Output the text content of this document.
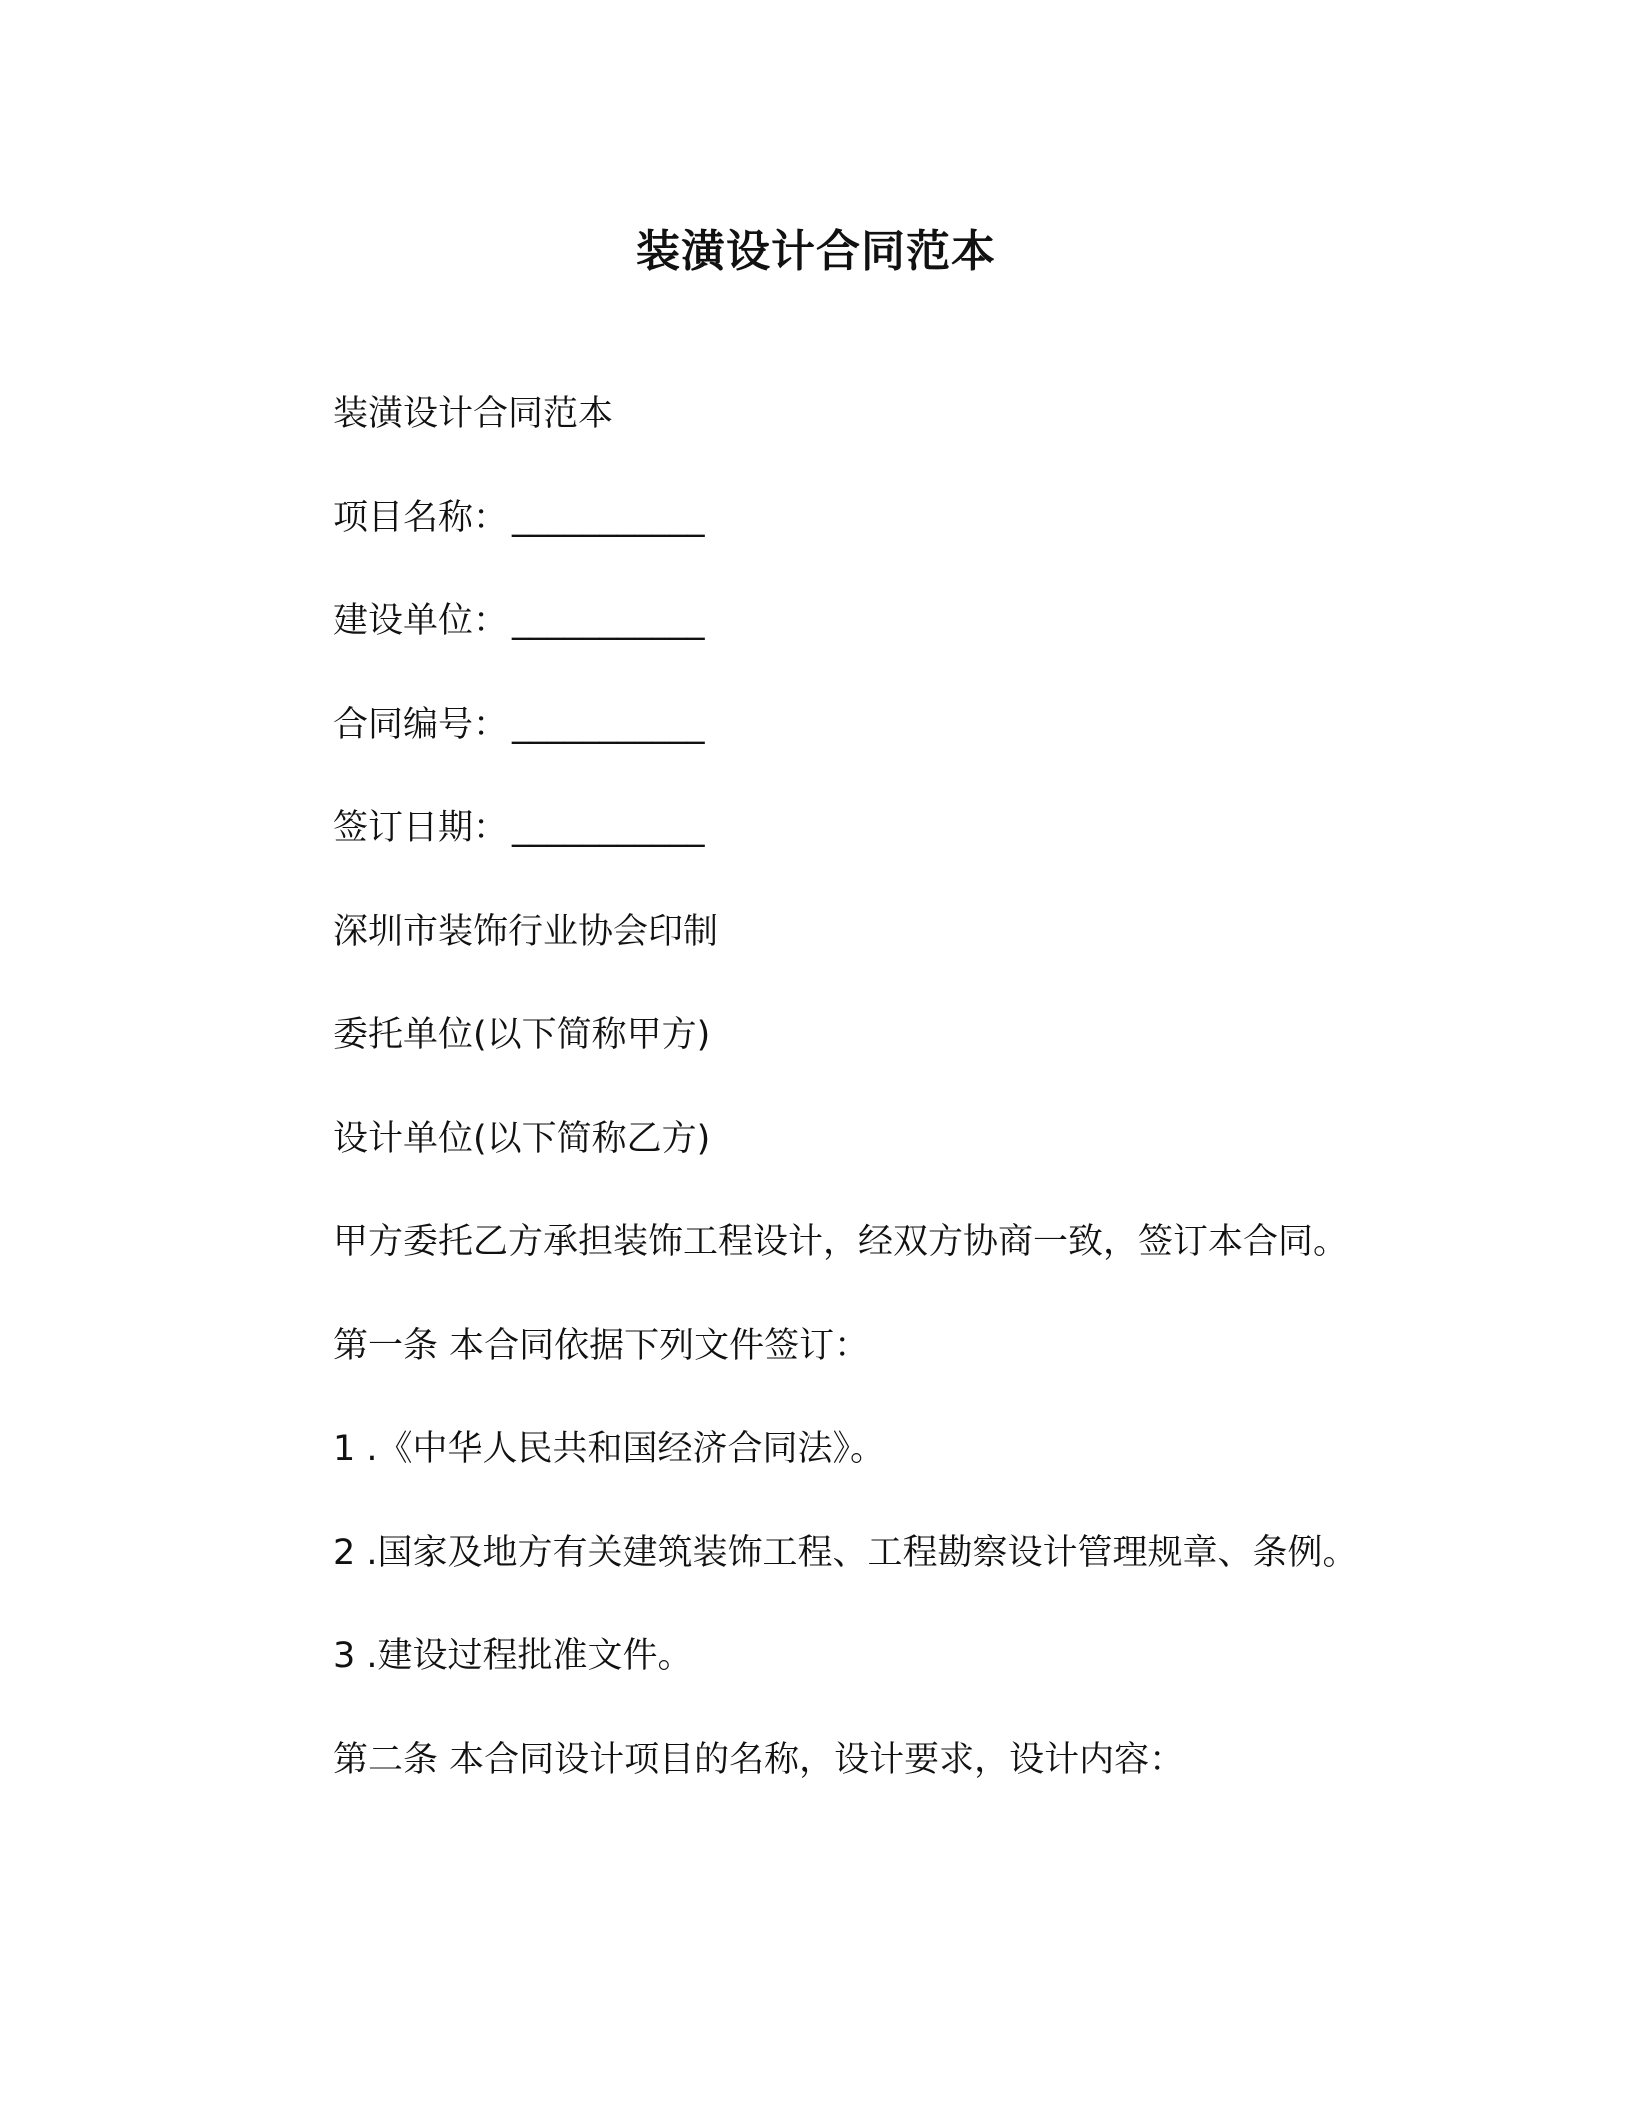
装潢设计合同范本

装潢设计合同范本

项目名称： ___________

建设单位： ___________

合同编号： ___________

签订日期： ___________

深圳市装饰行业协会印制

委托单位(以下简称甲方)

设计单位(以下简称乙方)

甲方委托乙方承担装饰工程设计，经双方协商一致，签订本合同。

第一条 本合同依据下列文件签订：

1 .《中华人民共和国经济合同法》。

2 .国家及地方有关建筑装饰工程、工程勘察设计管理规章、条例。

3 .建设过程批准文件。

第二条 本合同设计项目的名称，设计要求，设计内容：
